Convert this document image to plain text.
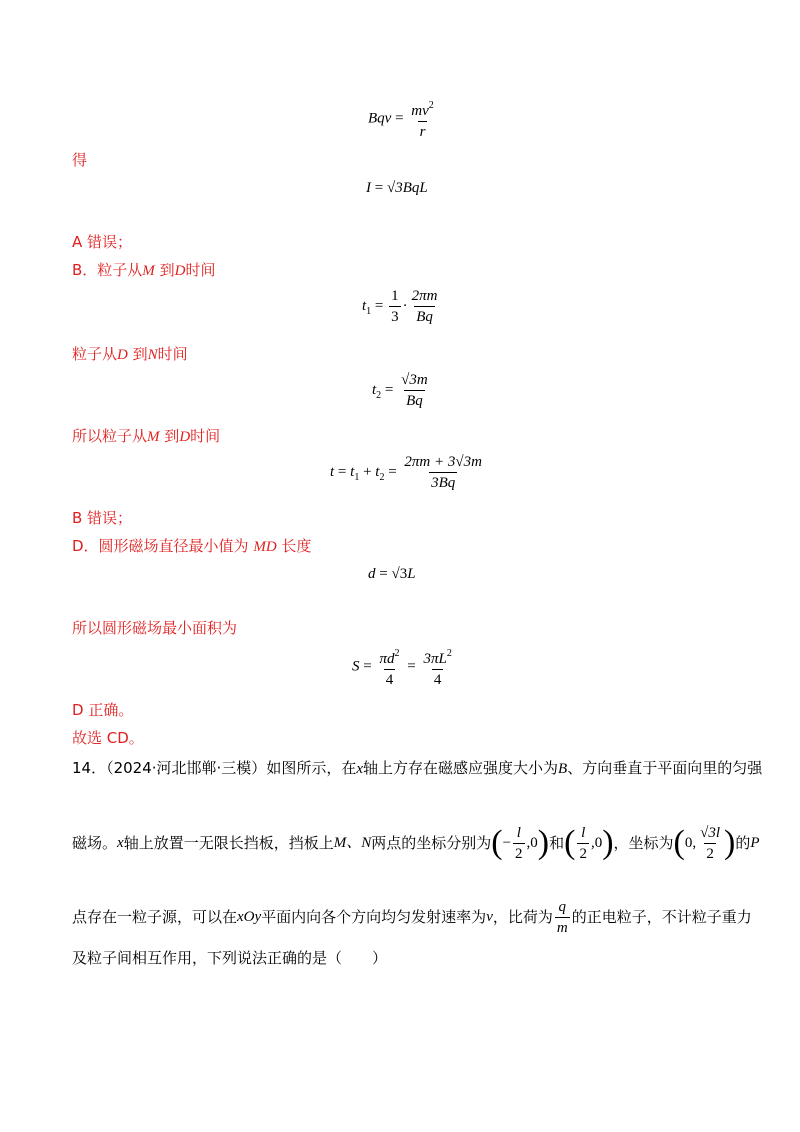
Bqv = $\frac{mv^2}{r}$
得
I = √3BqL
A 错误；
B．粒子从M 到D时间
$t_1 = \frac{1}{3} \cdot \frac{2\pi m}{Bq}$
粒子从D 到N时间
$t_2 = \frac{√3m}{Bq}$
所以粒子从M 到D时间
$t = t_1 + t_2 = \frac{2\pi m + 3√3m}{3Bq}$
B 错误；
D．圆形磁场直径最小值为 MD 长度
d = √3L
所以圆形磁场最小面积为
$S = \frac{\pi d^2}{4} = \frac{3\pi L^2}{4}$
D 正确。
故选 CD。
14．（2024·河北邯郸·三模）如图所示，在x轴上方存在磁感应强度大小为B、方向垂直于平面向里的匀强
磁场。 x 轴上放置一无限长挡板，挡板上 M、N 两点的坐标分别为 ( − $\frac{l}{2}$ , 0 ) 和 ( $\frac{l}{2}$ , 0 ) ，坐标为 ( 0 , $\frac{√3l}{2}$ ) 的 P
点存在一粒子源，可以在 xOy 平面内向各个方向均匀发射速率为 v ，比荷为 $\frac{q}{m}$ 的正电粒子，不计粒子重力
及粒子间相互作用，下列说法正确的是（　　）
